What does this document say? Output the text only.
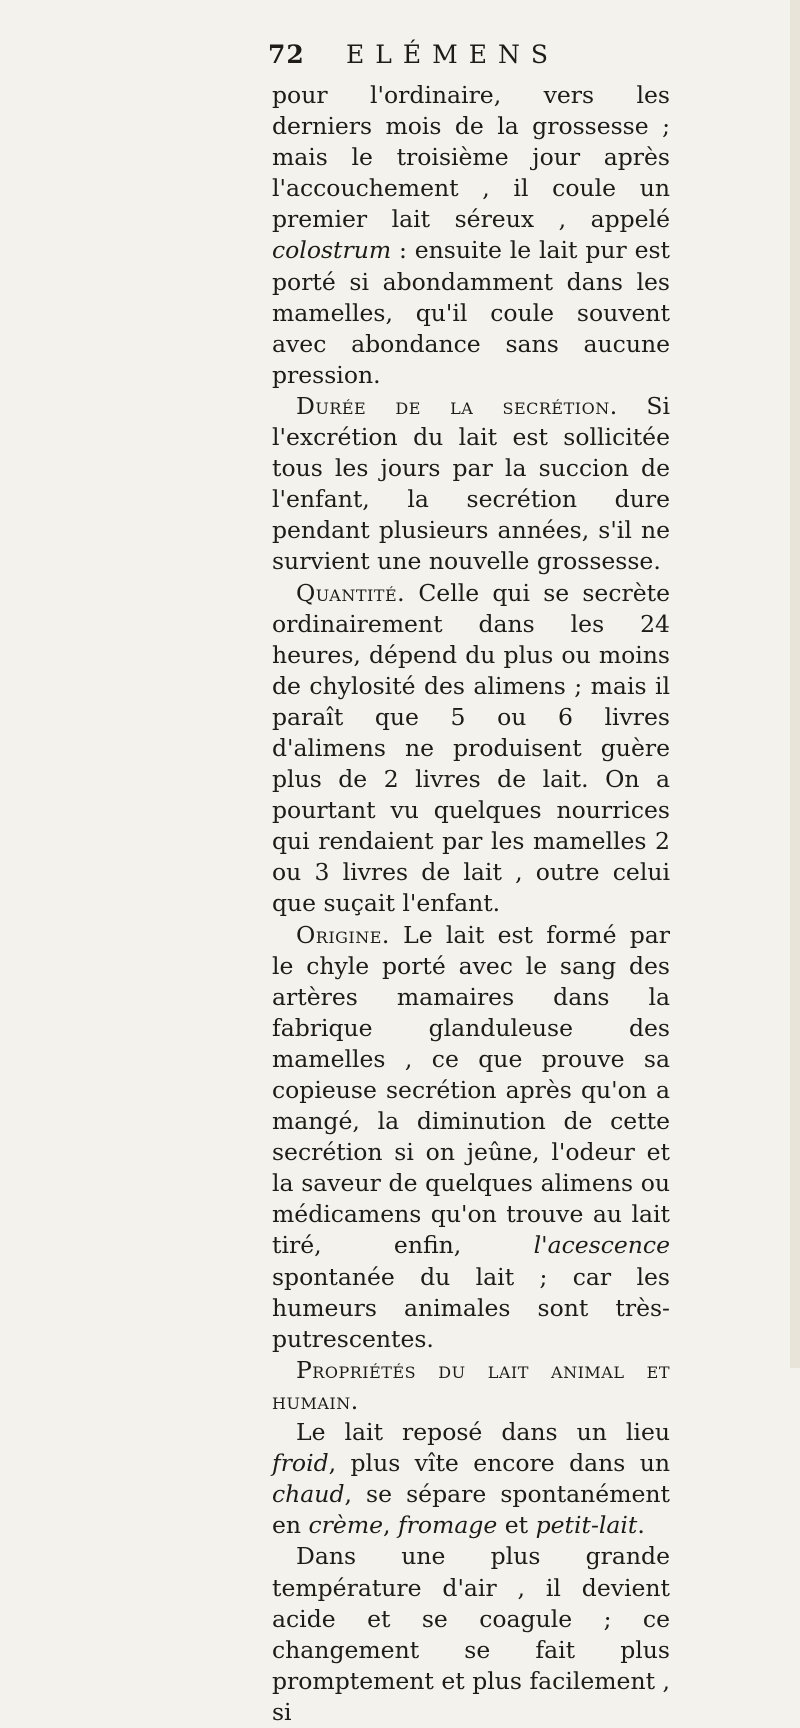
72 ELÉMENS

pour l'ordinaire, vers les derniers mois de la grossesse ; mais le troisième jour après l'accouchement , il coule un premier lait séreux , appelé colostrum : ensuite le lait pur est porté si abondamment dans les mamelles, qu'il coule souvent avec abondance sans aucune pression.

Durée de la secrétion. Si l'excrétion du lait est sollicitée tous les jours par la succion de l'enfant, la secrétion dure pendant plusieurs années, s'il ne survient une nouvelle grossesse.

Quantité. Celle qui se secrète ordinairement dans les 24 heures, dépend du plus ou moins de chylosité des alimens ; mais il paraît que 5 ou 6 livres d'alimens ne produisent guère plus de 2 livres de lait. On a pourtant vu quelques nourrices qui rendaient par les mamelles 2 ou 3 livres de lait , outre celui que suçait l'enfant.

Origine. Le lait est formé par le chyle porté avec le sang des artères mamaires dans la fabrique glanduleuse des mamelles , ce que prouve sa copieuse secrétion après qu'on a mangé, la diminution de cette secrétion si on jeûne, l'odeur et la saveur de quelques alimens ou médicamens qu'on trouve au lait tiré, enfin, l'acescence spontanée du lait ; car les humeurs animales sont très-putrescentes.

Propriétés du lait animal et humain.

Le lait reposé dans un lieu froid, plus vîte encore dans un chaud, se sépare spontanément en crème, fromage et petit-lait.

Dans une plus grande température d'air , il devient acide et se coagule ; ce changement se fait plus promptement et plus facilement , si
